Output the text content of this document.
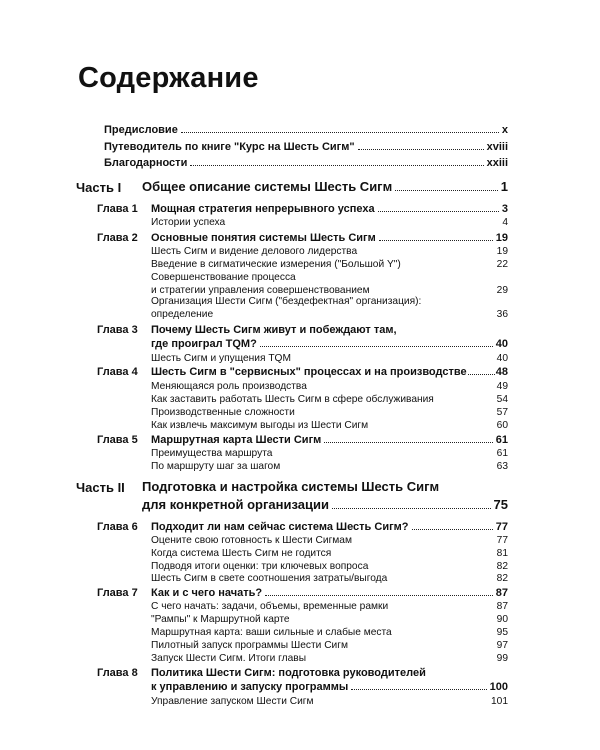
Содержание
Предисловие	x
Путеводитель по книге "Курс на Шесть Сигм"	xviii
Благодарности	xxiii
Часть I Общее описание системы Шесть Сигм	1
Глава 1 Мощная стратегия непрерывного успеха	3
Истории успеха	4
Глава 2 Основные понятия системы Шесть Сигм	19
Шесть Сигм и видение делового лидерства	19
Введение в сигматические измерения ("Большой Y")	22
Совершенствование процесса
и стратегии управления совершенствованием	29
Организация Шести Сигм ("бездефектная" организация):
определение	36
Глава 3 Почему Шесть Сигм живут и побеждают там,
где проиграл TQM?	40
Шесть Сигм и упущения TQM	40
Глава 4 Шесть Сигм в "сервисных" процессах и на производстве	48
Меняющаяся роль производства	49
Как заставить работать Шесть Сигм в сфере обслуживания	54
Производственные сложности	57
Как извлечь максимум выгоды из Шести Сигм	60
Глава 5 Маршрутная карта Шести Сигм	61
Преимущества маршрута	61
По маршруту шаг за шагом	63
Часть II Подготовка и настройка системы Шесть Сигм
для конкретной организации	75
Глава 6 Подходит ли нам сейчас система Шесть Сигм?	77
Оцените свою готовность к Шести Сигмам	77
Когда система Шесть Сигм не годится	81
Подводя итоги оценки: три ключевых вопроса	82
Шесть Сигм в свете соотношения затраты/выгода	82
Глава 7 Как и с чего начать?	87
С чего начать: задачи, объемы, временные рамки	87
"Рампы" к Маршрутной карте	90
Маршрутная карта: ваши сильные и слабые места	95
Пилотный запуск программы Шести Сигм	97
Запуск Шести Сигм. Итоги главы	99
Глава 8 Политика Шести Сигм: подготовка руководителей
к управлению и запуску программы	100
Управление запуском Шести Сигм	101
